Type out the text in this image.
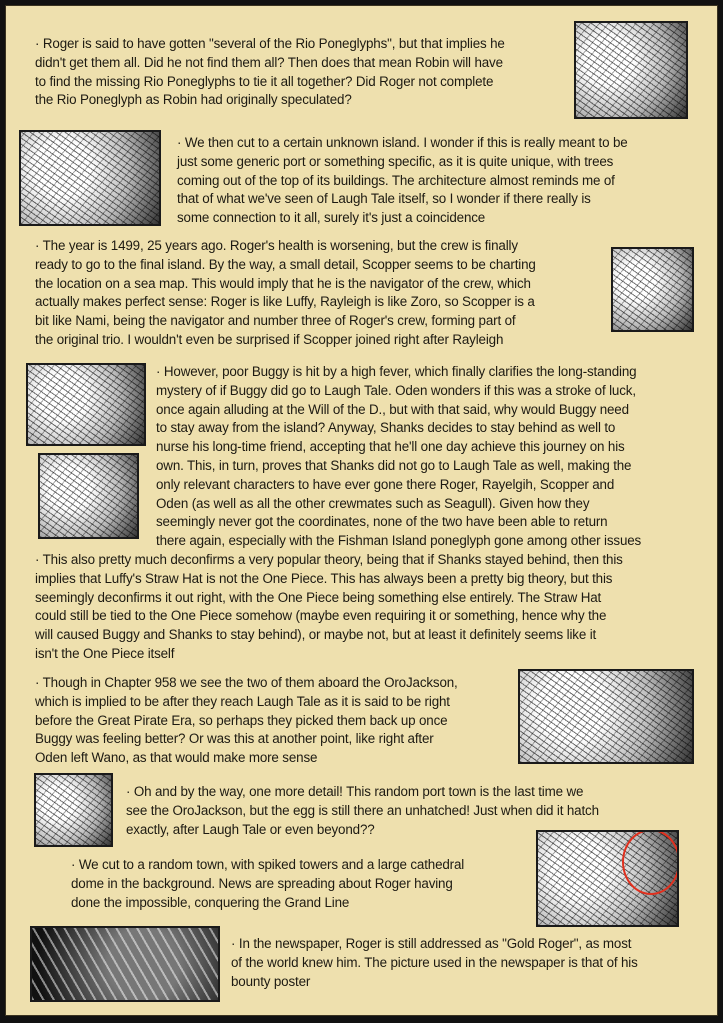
· Roger is said to have gotten "several of the Rio Poneglyphs", but that implies he
didn't get them all. Did he not find them all? Then does that mean Robin will have
to find the missing Rio Poneglyphs to tie it all together? Did Roger not complete
the Rio Poneglyph as Robin had originally speculated?
· We then cut to a certain unknown island. I wonder if this is really meant to be
just some generic port or something specific, as it is quite unique, with trees
coming out of the top of its buildings. The architecture almost reminds me of
that of what we've seen of Laugh Tale itself, so I wonder if there really is
some connection to it all, surely it's just a coincidence
· The year is 1499, 25 years ago. Roger's health is worsening, but the crew is finally
ready to go to the final island. By the way, a small detail, Scopper seems to be charting
the location on a sea map. This would imply that he is the navigator of the crew, which
actually makes perfect sense: Roger is like Luffy, Rayleigh is like Zoro, so Scopper is a
bit like Nami, being the navigator and number three of Roger's crew, forming part of
the original trio. I wouldn't even be surprised if Scopper joined right after Rayleigh
· However, poor Buggy is hit by a high fever, which finally clarifies the long-standing
mystery of if Buggy did go to Laugh Tale. Oden wonders if this was a stroke of luck,
once again alluding at the Will of the D., but with that said, why would Buggy need
to stay away from the island? Anyway, Shanks decides to stay behind as well to
nurse his long-time friend, accepting that he'll one day achieve this journey on his
own. This, in turn, proves that Shanks did not go to Laugh Tale as well, making the
only relevant characters to have ever gone there Roger, Rayelgih, Scopper and
Oden (as well as all the other crewmates such as Seagull). Given how they
seemingly never got the coordinates, none of the two have been able to return
there again, especially with the Fishman Island poneglyph gone among other issues
· This also pretty much deconfirms a very popular theory, being that if Shanks stayed behind, then this
implies that Luffy's Straw Hat is not the One Piece. This has always been a pretty big theory, but this
seemingly deconfirms it out right, with the One Piece being something else entirely. The Straw Hat
could still be tied to the One Piece somehow (maybe even requiring it or something, hence why the
will caused Buggy and Shanks to stay behind), or maybe not, but at least it definitely seems like it
isn't the One Piece itself
· Though in Chapter 958 we see the two of them aboard the OroJackson,
which is implied to be after they reach Laugh Tale as it is said to be right
before the Great Pirate Era, so perhaps they picked them back up once
Buggy was feeling better? Or was this at another point, like right after
Oden left Wano, as that would make more sense
· Oh and by the way, one more detail! This random port town is the last time we
see the OroJackson, but the egg is still there an unhatched! Just when did it hatch
exactly, after Laugh Tale or even beyond??
· We cut to a random town, with spiked towers and a large cathedral
dome in the background. News are spreading about Roger having
done the impossible, conquering the Grand Line
· In the newspaper, Roger is still addressed as "Gold Roger", as most
of the world knew him. The picture used in the newspaper is that of his
bounty poster
